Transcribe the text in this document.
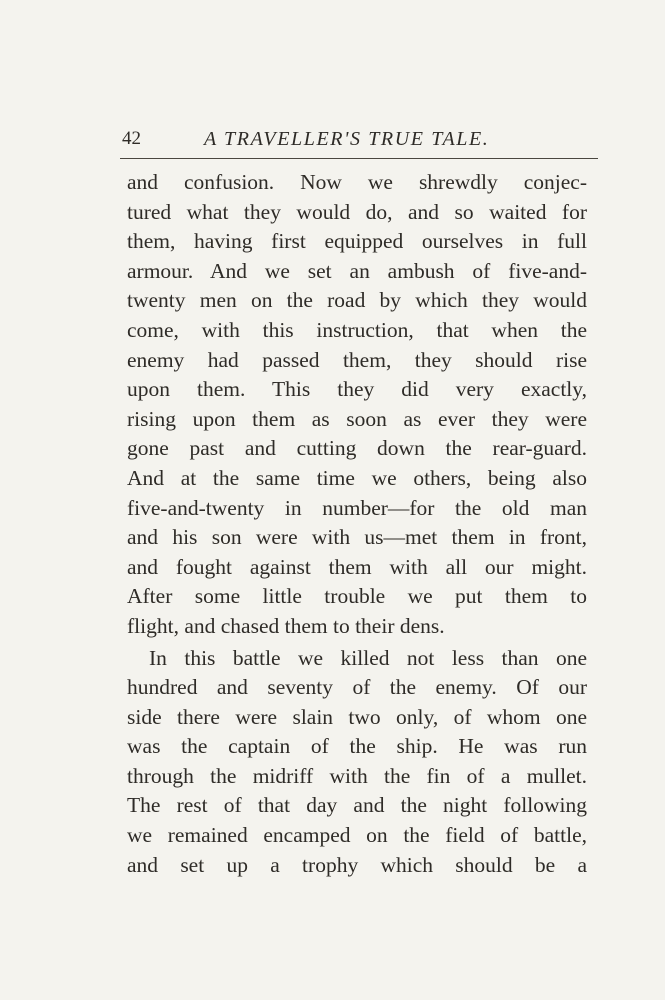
42	A TRAVELLER'S TRUE TALE.
and confusion. Now we shrewdly conjec-
tured what they would do, and so waited for
them, having first equipped ourselves in full
armour. And we set an ambush of five-and-
twenty men on the road by which they would
come, with this instruction, that when the
enemy had passed them, they should rise
upon them. This they did very exactly,
rising upon them as soon as ever they were
gone past and cutting down the rear-guard.
And at the same time we others, being also
five-and-twenty in number—for the old man
and his son were with us—met them in front,
and fought against them with all our might.
After some little trouble we put them to
flight, and chased them to their dens.
In this battle we killed not less than one
hundred and seventy of the enemy. Of our
side there were slain two only, of whom one
was the captain of the ship. He was run
through the midriff with the fin of a mullet.
The rest of that day and the night following
we remained encamped on the field of battle,
and set up a trophy which should be a
